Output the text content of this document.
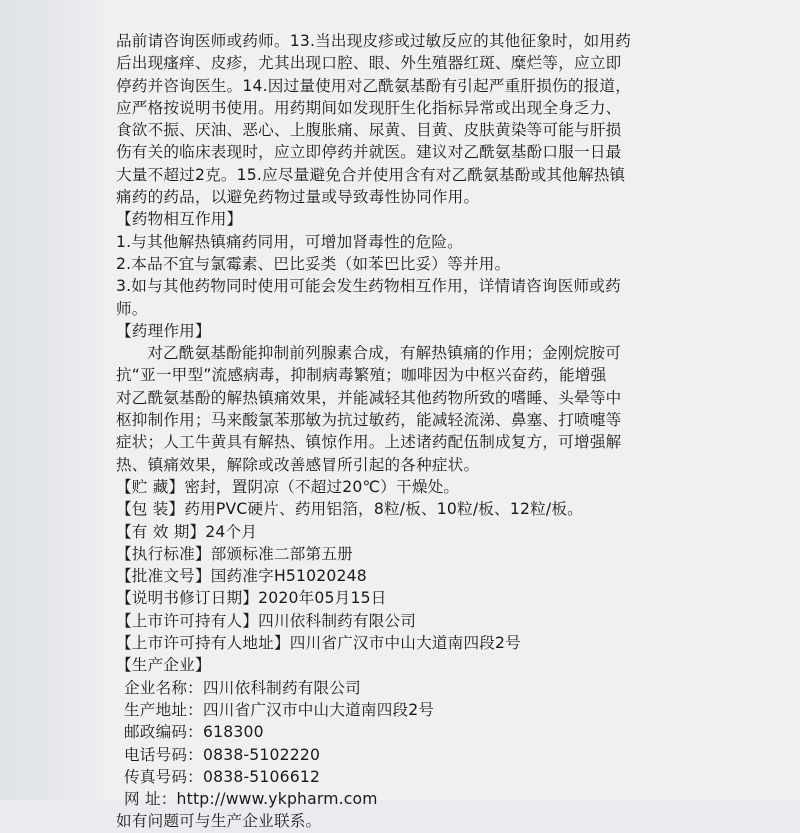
品前请咨询医师或药师。13.当出现皮疹或过敏反应的其他征象时，如用药

后出现瘙痒、皮疹，尤其出现口腔、眼、外生殖器红斑、糜烂等，应立即

停药并咨询医生。14.因过量使用对乙酰氨基酚有引起严重肝损伤的报道，

应严格按说明书使用。用药期间如发现肝生化指标异常或出现全身乏力、

食欲不振、厌油、恶心、上腹胀痛、尿黄、目黄、皮肤黄染等可能与肝损

伤有关的临床表现时，应立即停药并就医。建议对乙酰氨基酚口服一日最

大量不超过2克。15.应尽量避免合并使用含有对乙酰氨基酚或其他解热镇

痛药的药品，以避免药物过量或导致毒性协同作用。

【药物相互作用】

1.与其他解热镇痛药同用，可增加肾毒性的危险。

2.本品不宜与氯霉素、巴比妥类（如苯巴比妥）等并用。

3.如与其他药物同时使用可能会发生药物相互作用，详情请咨询医师或药

师。

【药理作用】

对乙酰氨基酚能抑制前列腺素合成，有解热镇痛的作用；金刚烷胺可

抗“亚一甲型”流感病毒，抑制病毒繁殖；咖啡因为中枢兴奋药，能增强

对乙酰氨基酚的解热镇痛效果，并能减轻其他药物所致的嗜睡、头晕等中

枢抑制作用；马来酸氯苯那敏为抗过敏药，能减轻流涕、鼻塞、打喷嚏等

症状；人工牛黄具有解热、镇惊作用。上述诸药配伍制成复方，可增强解

热、镇痛效果，解除或改善感冒所引起的各种症状。

【贮 藏】密封，置阴凉（不超过20℃）干燥处。

【包 装】药用PVC硬片、药用铝箔，8粒/板、10粒/板、12粒/板。

【有 效 期】24个月

【执行标准】部颁标准二部第五册

【批准文号】国药准字H51020248

【说明书修订日期】2020年05月15日

【上市许可持有人】四川依科制药有限公司

【上市许可持有人地址】四川省广汉市中山大道南四段2号

【生产企业】

企业名称：四川依科制药有限公司

生产地址：四川省广汉市中山大道南四段2号

邮政编码：618300

电话号码：0838-5102220

传真号码：0838-5106612

网 址：http://www.ykpharm.com

如有问题可与生产企业联系。
